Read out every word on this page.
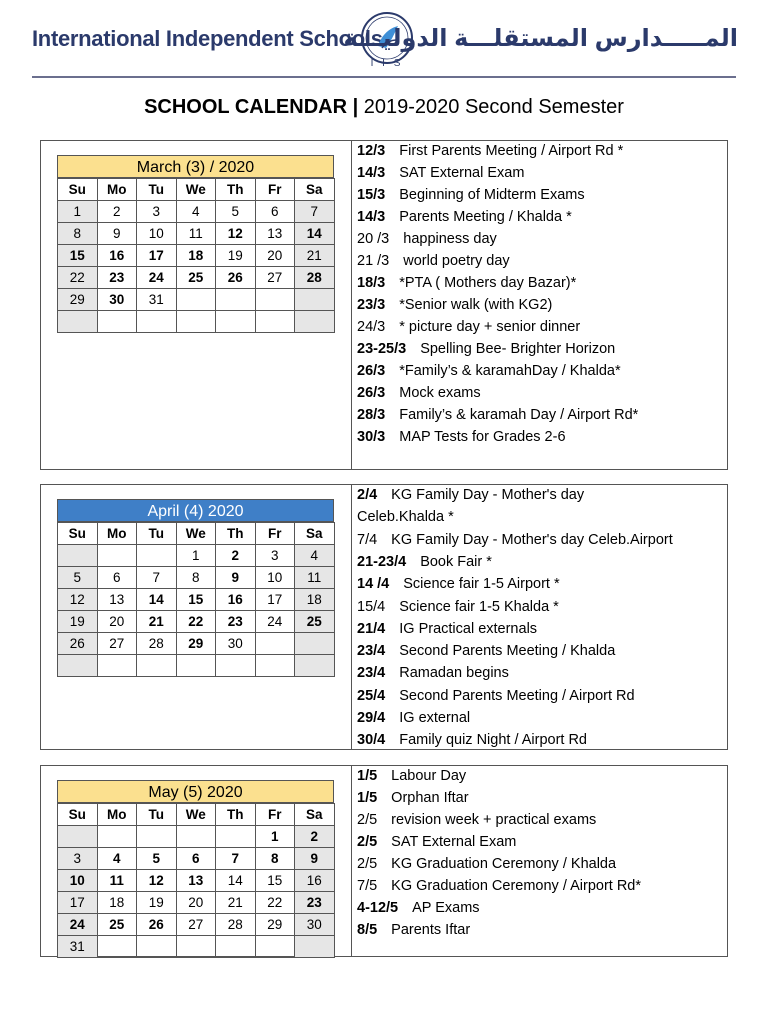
International Independent Schools
I I S
المـــــدارس المستقلـــة الدوليـــة
SCHOOL CALENDAR | 2019-2020 Second Semester
March (3) / 2020
Su	Mo	Tu	We	Th	Fr	Sa
1	2	3	4	5	6	7
8	9	10	11	12	13	14
15	16	17	18	19	20	21
22	23	24	25	26	27	28
29	30	31				

12/3 First Parents Meeting / Airport Rd *
14/3 SAT External Exam
15/3 Beginning of Midterm Exams
14/3 Parents Meeting / Khalda *
20 /3 happiness day
21 /3 world poetry day
18/3 *PTA ( Mothers day Bazar)*
23/3 *Senior walk (with KG2)
24/3 * picture day + senior dinner
23-25/3 Spelling Bee- Brighter Horizon
26/3 *Family’s & karamahDay / Khalda*
26/3 Mock exams
28/3 Family’s & karamah Day / Airport Rd*
30/3 MAP Tests for Grades 2-6
April (4) 2020
Su	Mo	Tu	We	Th	Fr	Sa
			1	2	3	4
5	6	7	8	9	10	11
12	13	14	15	16	17	18
19	20	21	22	23	24	25
26	27	28	29	30		

2/4 KG Family Day - Mother's day
Celeb.Khalda *
7/4 KG Family Day - Mother's day Celeb.Airport
21-23/4 Book Fair *
14 /4 Science fair 1-5 Airport *
15/4 Science fair 1-5 Khalda *
21/4 IG Practical externals
23/4 Second Parents Meeting / Khalda
23/4 Ramadan begins
25/4 Second Parents Meeting / Airport Rd
29/4 IG external
30/4 Family quiz Night / Airport Rd
May (5) 2020
Su	Mo	Tu	We	Th	Fr	Sa
					1	2
3	4	5	6	7	8	9
10	11	12	13	14	15	16
17	18	19	20	21	22	23
24	25	26	27	28	29	30
31						
1/5 Labour Day
1/5 Orphan Iftar
2/5 revision week + practical exams
2/5 SAT External Exam
2/5 KG Graduation Ceremony / Khalda
7/5 KG Graduation Ceremony / Airport Rd*
4-12/5 AP Exams
8/5 Parents Iftar
